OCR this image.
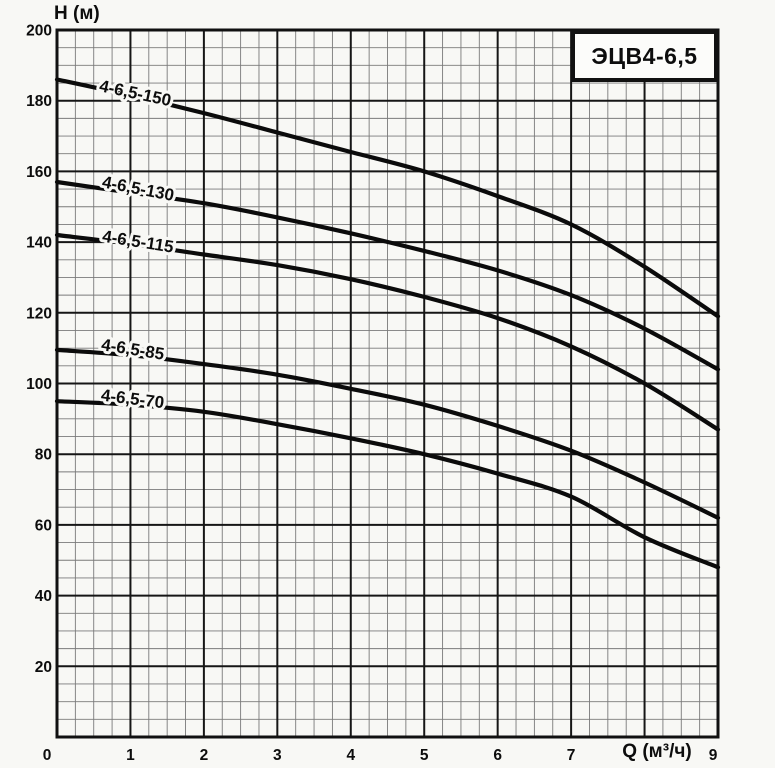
4-6,5-150
4-6,5-130
4-6,5-115
4-6,5-85
4-6,5-70
200
180
160
140
120
100
80
60
40
20
0	1	2	3	4	5	6	7	9
H (м)
Q (м³/ч)
ЭЦВ4-6,5
